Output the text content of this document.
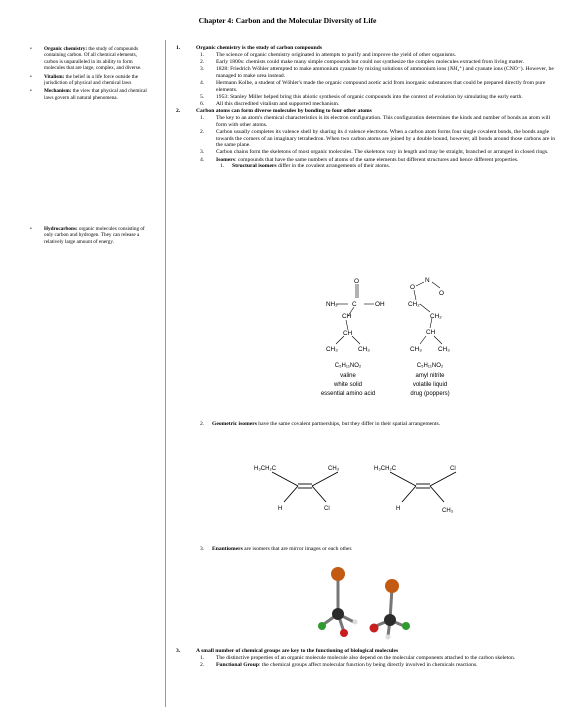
Chapter 4: Carbon and the Molecular Diversity of Life
• Organic chemistry: the study of compounds containing carbon. Of all chemical elements, carbon is unparalleled in its ability to form molecules that are large, complex, and diverse.
• Vitalism: the belief in a life force outside the jurisdiction of physical and chemical laws
• Mechanism: the view that physical and chemical laws govern all natural phenomena.
• Hydrocarbons: organic molecules consisting of only carbon and hydrogen. They can release a relatively large amount of energy.
1.	Organic chemistry is the study of carbon compounds
1. The science of organic chemistry originated in attempts to purify and improve the yield of other organisms.
2. Early 1800s: chemists could make many simple compounds but could not synthesize the complex molecules extracted from living matter.
3. 1828: Friedrich Wöhler attempted to make ammonium cyanate by mixing solutions of ammonium ions (NH₄⁺) and cyanate ions (CNO⁻). However, he managed to make urea instead.
4. Hermann Kolbe, a student of Wöhler's made the organic compound acetic acid from inorganic substances that could be prepared directly from pure elements.
5. 1953: Stanley Miller helped bring this abiotic synthesis of organic compounds into the context of evolution by simulating the early earth.
6. All this discredited vitalism and supported mechanism.
2.	Carbon atoms can form diverse molecules by bonding to four other atoms
1. The key to an atom's chemical characteristics is its electron configuration. This configuration determines the kinds and number of bonds an atom will form with other atoms.
2. Carbon usually completes its valence shell by sharing its 4 valence electrons. When a carbon atom forms four single covalent bonds, the bonds angle towards the corners of an imaginary tetrahedron. When two carbon atoms are joined by a double bound, however, all bonds around those carbons are in the same plane.
3. Carbon chains form the skeletons of most organic molecules. The skeletons vary in length and may be straight, branched or arranged in closed rings.
4. Isomers: compounds that have the same numbers of atoms of the same elements but different structures and hence different properties.
1. Structural isomers differ in the covalent arrangements of their atoms.
O
NH₂ C	OH
CH
CH
CH₃	CH₃
O
N
O
CH₂
CH₂
CH
CH₃	CH₃
C₅H₁₁NO₂
valine
white solid
essential amino acid
C₅H₁₁NO₂
amyl nitrite
volatile liquid
drug (poppers)
2. Geometric isomers have the same covalent partnerships, but they differ in their spatial arrangements.
H₃CH₂C	CH₃
H	Cl
H₃CH₂C	Cl
H	CH₃
3. Enantiomers are isomers that are mirror images or each other.
3.	A small number of chemical groups are key to the functioning of biological molecules
1. The distinctive properties of an organic molecule molecule also depend on the molecular components attached to the carbon skeleton.
2. Functional Group: the chemical groups affect molecular function by being directly involved in chemicals reactions.
